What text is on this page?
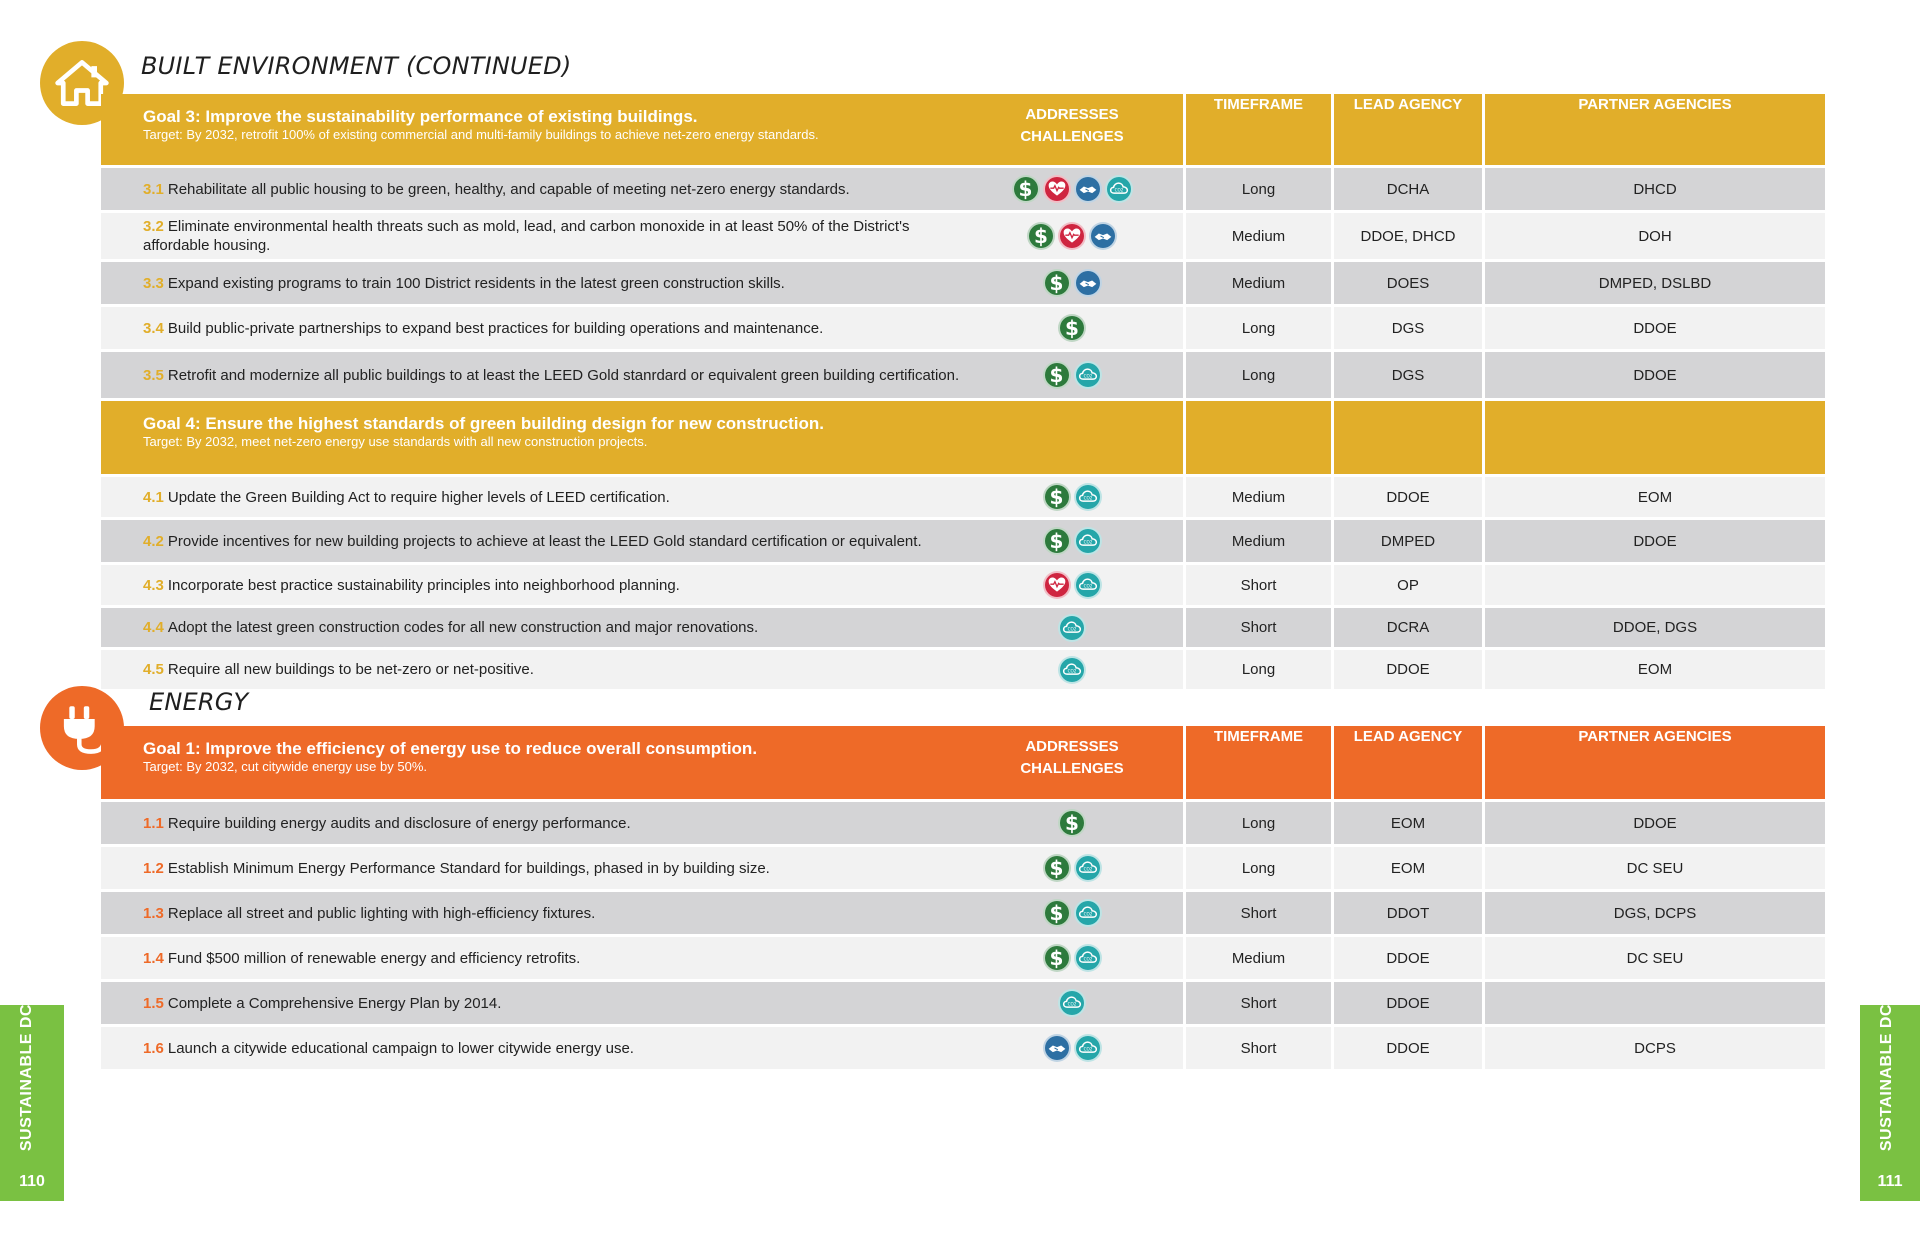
BUILT ENVIRONMENT (CONTINUED)
Goal 3: Improve the sustainability performance of existing buildings.
Target: By 2032, retrofit 100% of existing commercial and multi-family buildings to achieve net-zero energy standards.	ADDRESSES CHALLENGES	TIMEFRAME	LEAD AGENCY	PARTNER AGENCIES
3.1 Rehabilitate all public housing to be green, healthy, and capable of meeting net-zero energy standards.	$ CO2	Long	DCHA	DHCD
3.2 Eliminate environmental health threats such as mold, lead, and carbon monoxide in at least 50% of the District's affordable housing.	$	Medium	DDOE, DHCD	DOH
3.3 Expand existing programs to train 100 District residents in the latest green construction skills.	$	Medium	DOES	DMPED, DSLBD
3.4 Build public-private partnerships to expand best practices for building operations and maintenance.	$	Long	DGS	DDOE
3.5 Retrofit and modernize all public buildings to at least the LEED Gold stanrdard or equivalent green building certification.	$ CO2	Long	DGS	DDOE

Goal 4: Ensure the highest standards of green building design for new construction.
Target: By 2032, meet net-zero energy use standards with all new construction projects.				

4.1 Update the Green Building Act to require higher levels of LEED certification.	$ CO2	Medium	DDOE	EOM
4.2 Provide incentives for new building projects to achieve at least the LEED Gold standard certification or equivalent.	$ CO2	Medium	DMPED	DDOE
4.3 Incorporate best practice sustainability principles into neighborhood planning.	CO2	Short	OP	
4.4 Adopt the latest green construction codes for all new construction and major renovations.	CO2	Short	DCRA	DDOE, DGS
4.5 Require all new buildings to be net-zero or net-positive.	CO2	Long	DDOE	EOM
ENERGY
Goal 1: Improve the efficiency of energy use to reduce overall consumption.
Target: By 2032, cut citywide energy use by 50%.	ADDRESSES CHALLENGES	TIMEFRAME	LEAD AGENCY	PARTNER AGENCIES
1.1 Require building energy audits and disclosure of energy performance.	$	Long	EOM	DDOE
1.2 Establish Minimum Energy Performance Standard for buildings, phased in by building size.	$ CO2	Long	EOM	DC SEU
1.3 Replace all street and public lighting with high-efficiency fixtures.	$ CO2	Short	DDOT	DGS, DCPS
1.4 Fund $500 million of renewable energy and efficiency retrofits.	$ CO2	Medium	DDOE	DC SEU
1.5 Complete a Comprehensive Energy Plan by 2014.	CO2	Short	DDOE	
1.6 Launch a citywide educational campaign to lower citywide energy use.	CO2	Short	DDOE	DCPS
SUSTAINABLE DC
110
SUSTAINABLE DC
111
